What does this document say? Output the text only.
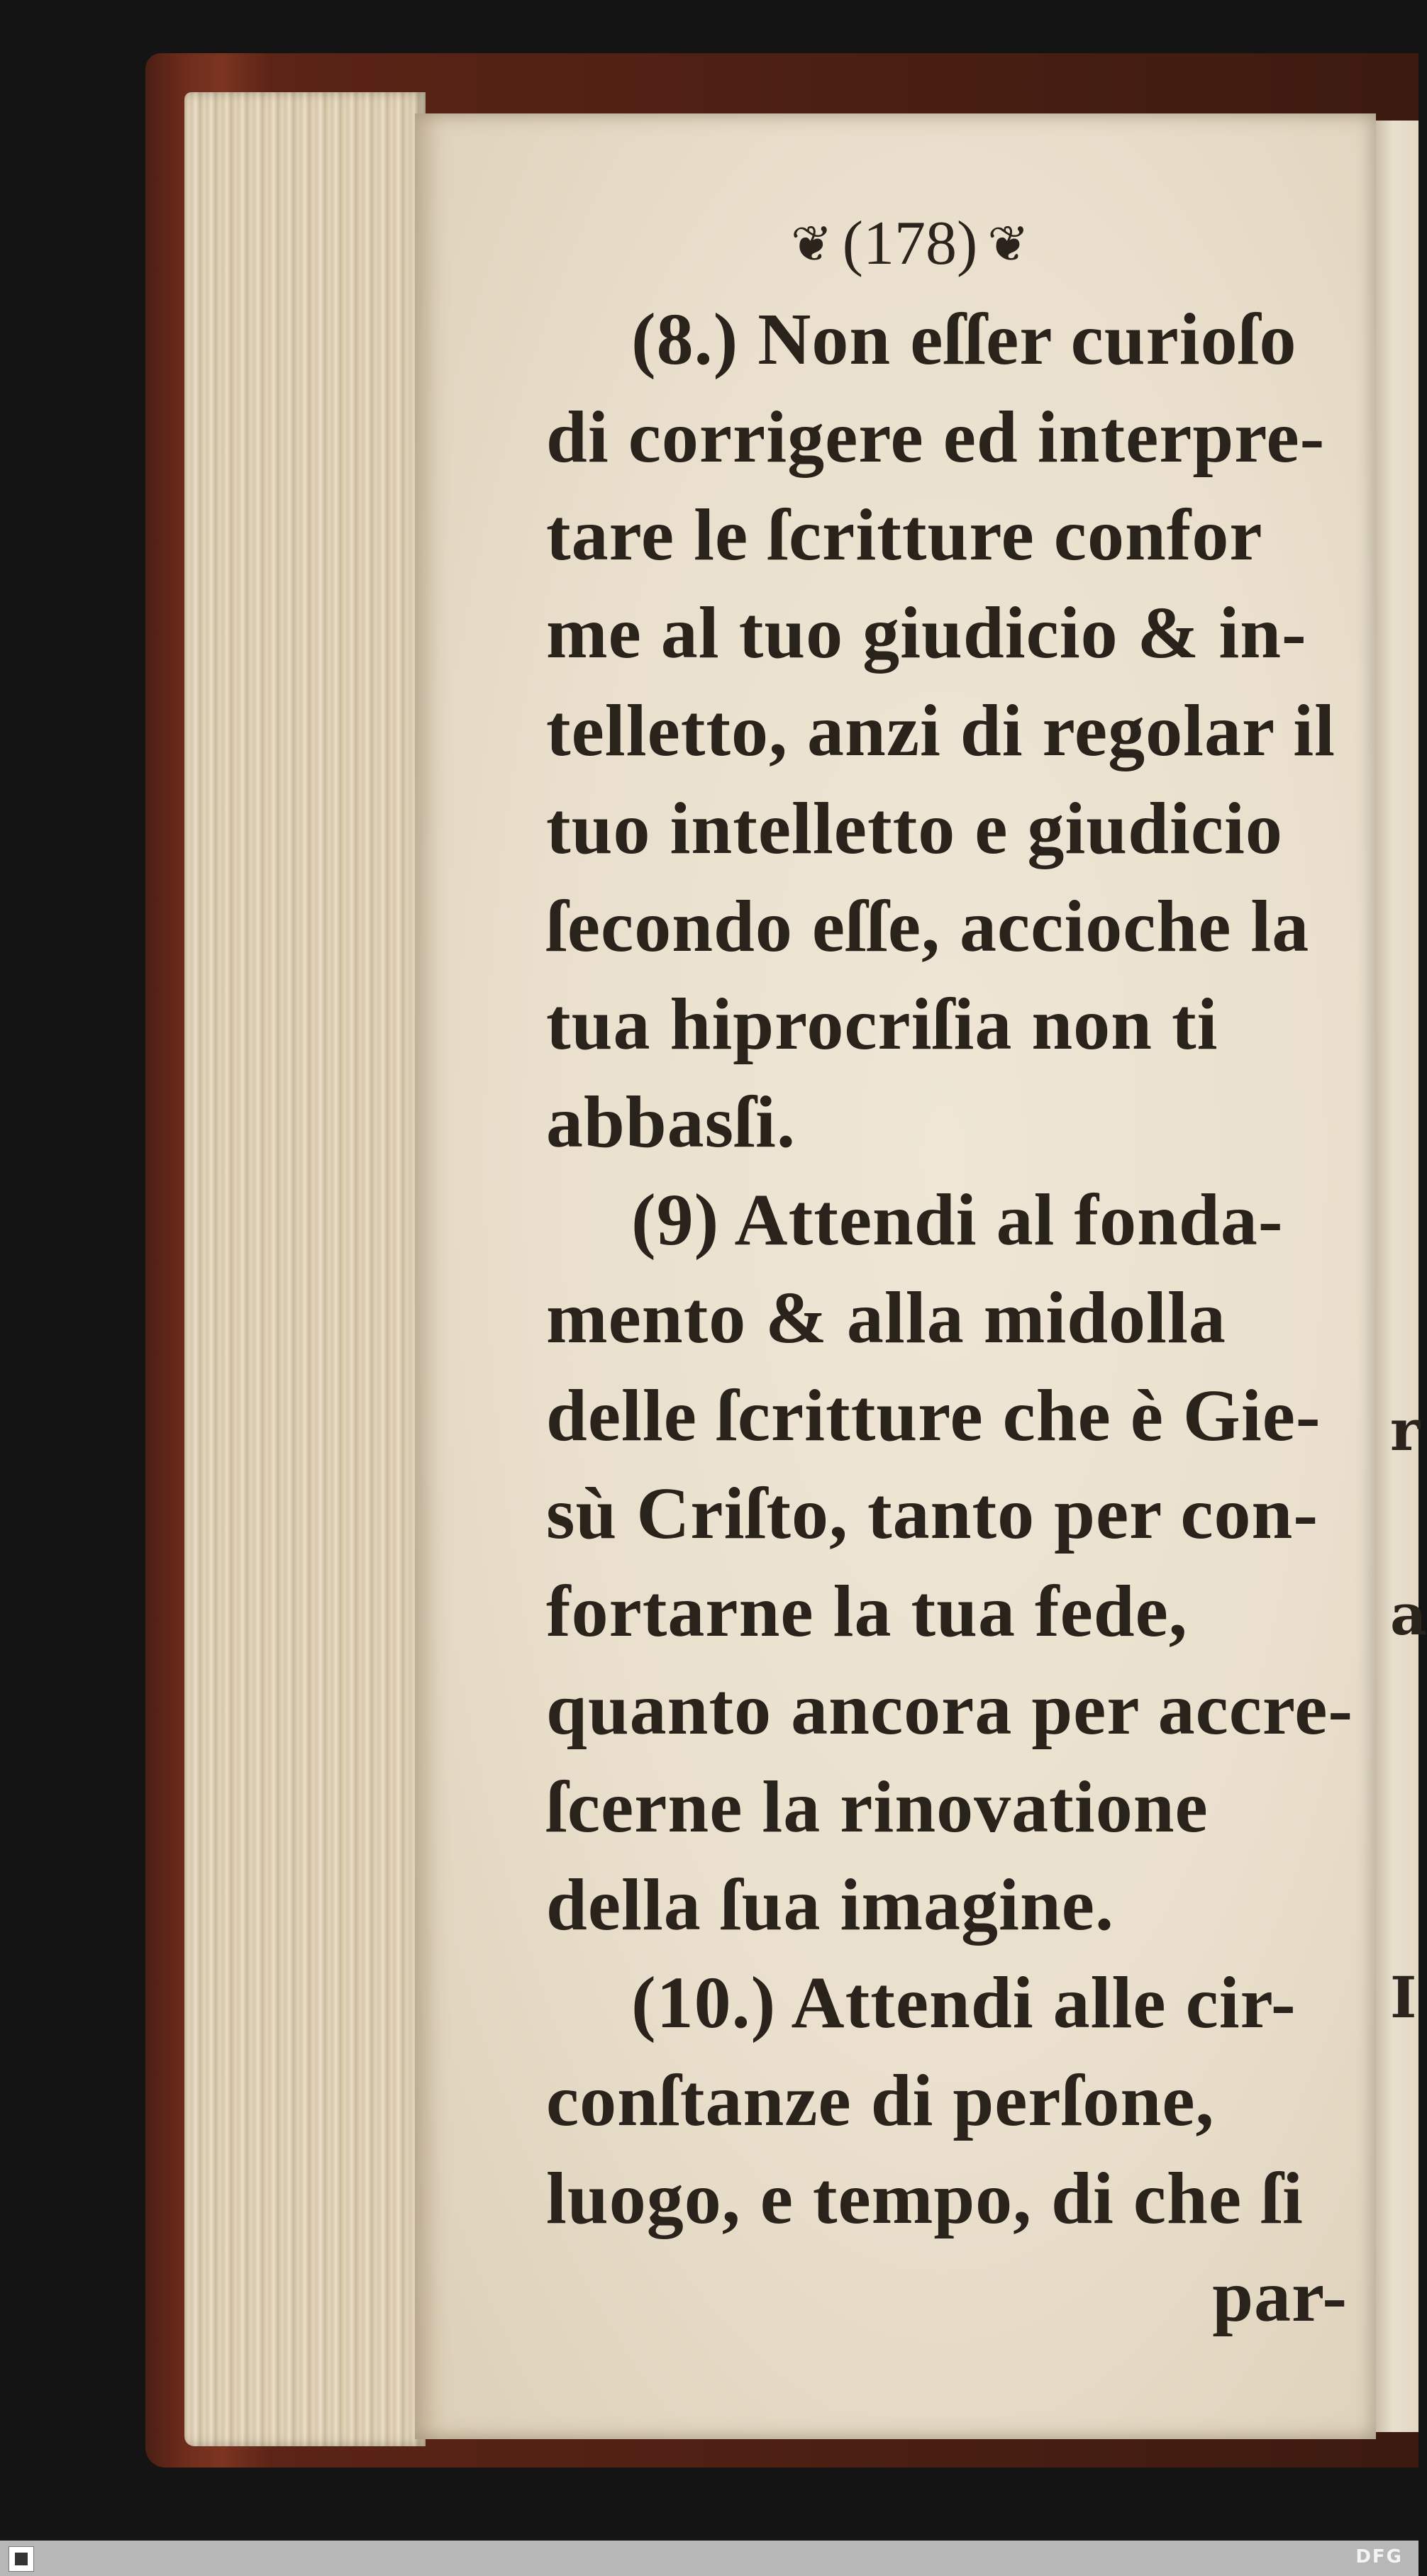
r
a
I
❦ (178) ❦
(8.) Non eſſer curioſo
di corrigere ed interpre-
tare le ſcritture confor
me al tuo giudicio & in-
telletto, anzi di regolar il
tuo intelletto e giudicio
ſecondo eſſe, accioche la
tua hiprocriſia non ti
abbasſi.
(9) Attendi al fonda-
mento & alla midolla
delle ſcritture che è Gie-
sù Criſto, tanto per con-
fortarne la tua fede,
quanto ancora per accre-
ſcerne la rinovatione
della ſua imagine.
(10.) Attendi alle cir-
conſtanze di perſone,
luogo, e tempo, di che ſi
par-
DFG
